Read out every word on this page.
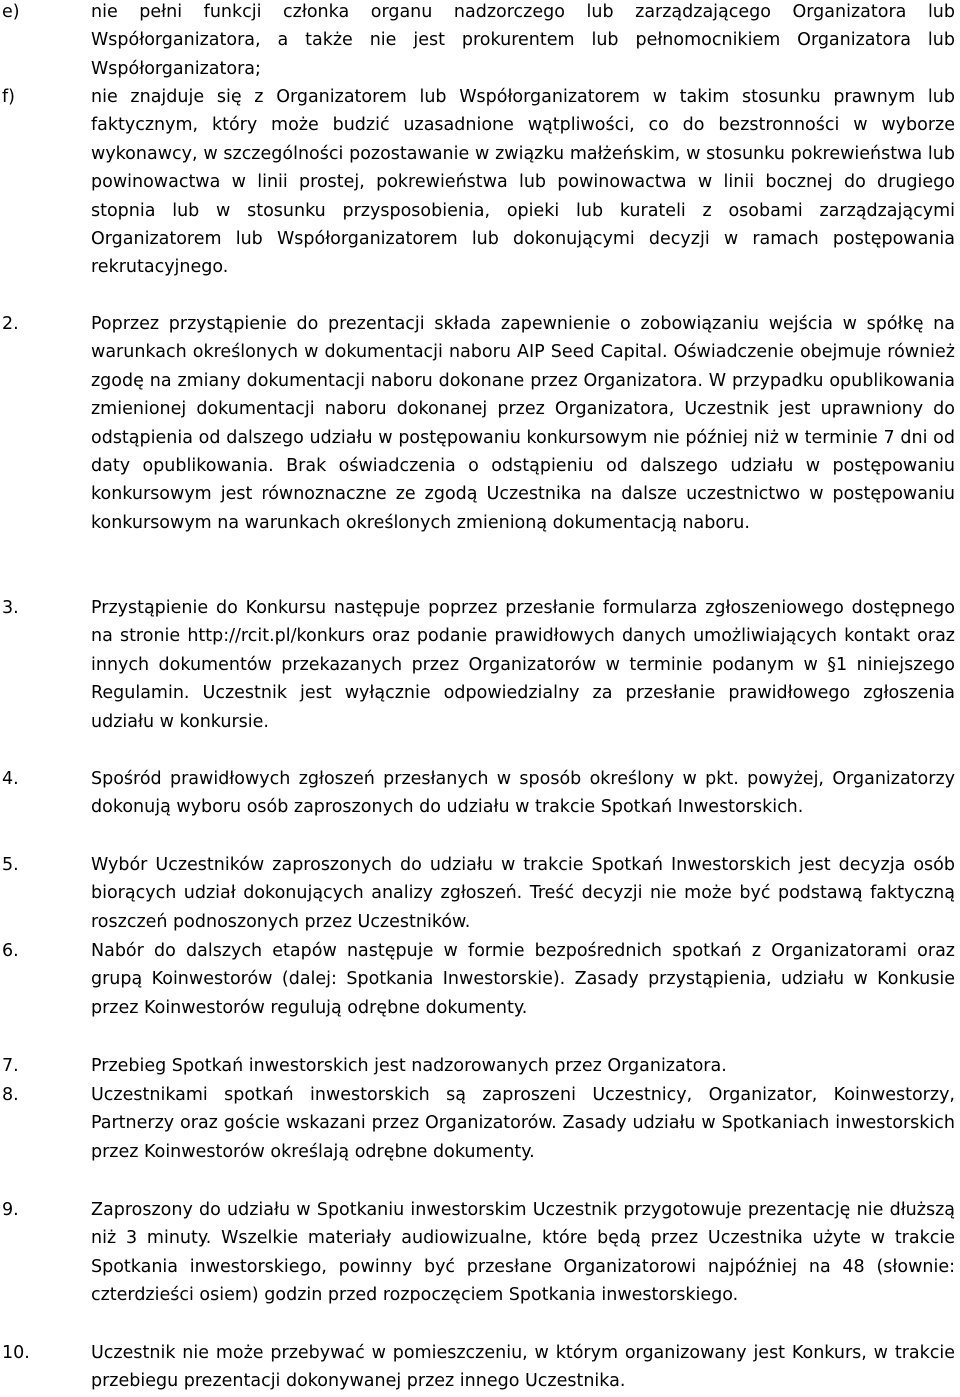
e)	nie pełni funkcji członka organu nadzorczego lub zarządzającego Organizatora lub Współorganizatora, a także nie jest prokurentem lub pełnomocnikiem Organizatora lub Współorganizatora;
f)	nie znajduje się z Organizatorem lub Współorganizatorem w takim stosunku prawnym lub faktycznym, który może budzić uzasadnione wątpliwości, co do bezstronności w wyborze wykonawcy, w szczególności pozostawanie w związku małżeńskim, w stosunku pokrewieństwa lub powinowactwa w linii prostej, pokrewieństwa lub powinowactwa w linii bocznej do drugiego stopnia lub w stosunku przysposobienia, opieki lub kurateli z osobami zarządzającymi Organizatorem lub Współorganizatorem lub dokonującymi decyzji w ramach postępowania rekrutacyjnego.
2.	Poprzez przystąpienie do prezentacji składa zapewnienie o zobowiązaniu wejścia w spółkę na warunkach określonych w dokumentacji naboru AIP Seed Capital. Oświadczenie obejmuje również zgodę na zmiany dokumentacji naboru dokonane przez Organizatora. W przypadku opublikowania zmienionej dokumentacji naboru dokonanej przez Organizatora, Uczestnik jest uprawniony do odstąpienia od dalszego udziału w postępowaniu konkursowym nie później niż w terminie 7 dni od daty opublikowania. Brak oświadczenia o odstąpieniu od dalszego udziału w postępowaniu konkursowym jest równoznaczne ze zgodą Uczestnika na dalsze uczestnictwo w postępowaniu konkursowym na warunkach określonych zmienioną dokumentacją naboru.
3.	Przystąpienie do Konkursu następuje poprzez przesłanie formularza zgłoszeniowego dostępnego na stronie http://rcit.pl/konkurs oraz podanie prawidłowych danych umożliwiających kontakt oraz innych dokumentów przekazanych przez Organizatorów w terminie podanym w §1 niniejszego Regulamin. Uczestnik jest wyłącznie odpowiedzialny za przesłanie prawidłowego zgłoszenia udziału w konkursie.
4.	Spośród prawidłowych zgłoszeń przesłanych w sposób określony w pkt. powyżej, Organizatorzy dokonują wyboru osób zaproszonych do udziału w trakcie Spotkań Inwestorskich.
5.	Wybór Uczestników zaproszonych do udziału w trakcie Spotkań Inwestorskich jest decyzja osób biorących udział dokonujących analizy zgłoszeń. Treść decyzji nie może być podstawą faktyczną roszczeń podnoszonych przez Uczestników.
6.	Nabór do dalszych etapów następuje w formie bezpośrednich spotkań z Organizatorami oraz grupą Koinwestorów (dalej: Spotkania Inwestorskie). Zasady przystąpienia, udziału w Konkusie przez Koinwestorów regulują odrębne dokumenty.
7.	Przebieg Spotkań inwestorskich jest nadzorowanych przez Organizatora.
8.	Uczestnikami spotkań inwestorskich są zaproszeni Uczestnicy, Organizator, Koinwestorzy, Partnerzy oraz goście wskazani przez Organizatorów. Zasady udziału w Spotkaniach inwestorskich przez Koinwestorów określają odrębne dokumenty.
9.	Zaproszony do udziału w Spotkaniu inwestorskim Uczestnik przygotowuje prezentację nie dłuższą niż 3 minuty. Wszelkie materiały audiowizualne, które będą przez Uczestnika użyte w trakcie Spotkania inwestorskiego, powinny być przesłane Organizatorowi najpóźniej na 48 (słownie: czterdzieści osiem) godzin przed rozpoczęciem Spotkania inwestorskiego.
10.	Uczestnik nie może przebywać w pomieszczeniu, w którym organizowany jest Konkurs, w trakcie przebiegu prezentacji dokonywanej przez innego Uczestnika.
